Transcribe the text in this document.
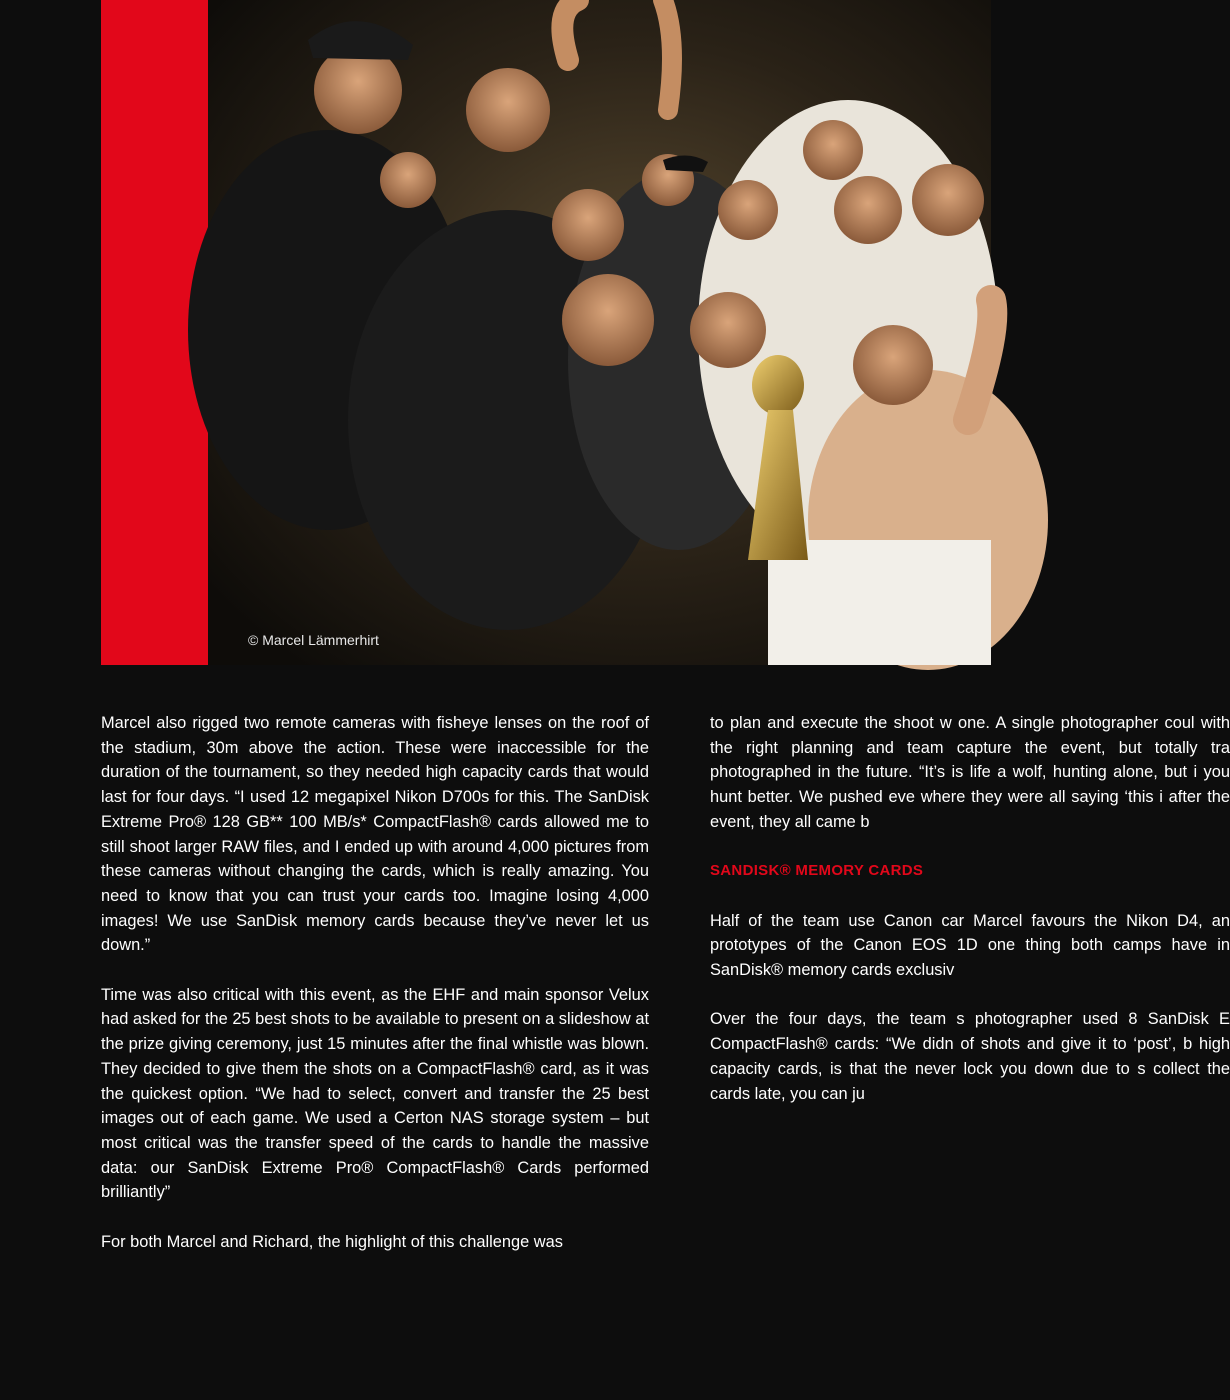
© Marcel Lämmerhirt

Marcel also rigged two remote cameras with fisheye lenses on the roof of the stadium, 30m above the action. These were inaccessible for the duration of the tournament, so they needed high capacity cards that would last for four days. “I used 12 megapixel Nikon D700s for this. The SanDisk Extreme Pro® 128 GB** 100 MB/s* CompactFlash® cards allowed me to still shoot larger RAW files, and I ended up with around 4,000 pictures from these cameras without changing the cards, which is really amazing. You need to know that you can trust your cards too. Imagine losing 4,000 images! We use SanDisk memory cards because they’ve never let us down.”

Time was also critical with this event, as the EHF and main sponsor Velux had asked for the 25 best shots to be available to present on a slideshow at the prize giving ceremony, just 15 minutes after the final whistle was blown. They decided to give them the shots on a CompactFlash® card, as it was the quickest option. “We had to select, convert and transfer the 25 best images out of each game. We used a Certon NAS storage system – but most critical was the transfer speed of the cards to handle the massive data: our SanDisk Extreme Pro® CompactFlash® Cards performed brilliantly”

For both Marcel and Richard, the highlight of this challenge was

to plan and execute the shoot w one. A single photographer coul with the right planning and team capture the event, but totally tra photographed in the future. “It’s is life a wolf, hunting alone, but i you hunt better. We pushed eve where they were all saying ‘this i after the event, they all came b

SANDISK® MEMORY CARDS

Half of the team use Canon car Marcel favours the Nikon D4, an prototypes of the Canon EOS 1D one thing both camps have in SanDisk® memory cards exclusiv

Over the four days, the team s photographer used 8 SanDisk E CompactFlash® cards: “We didn of shots and give it to ‘post’, b high capacity cards, is that the never lock you down due to s collect the cards late, you can ju
